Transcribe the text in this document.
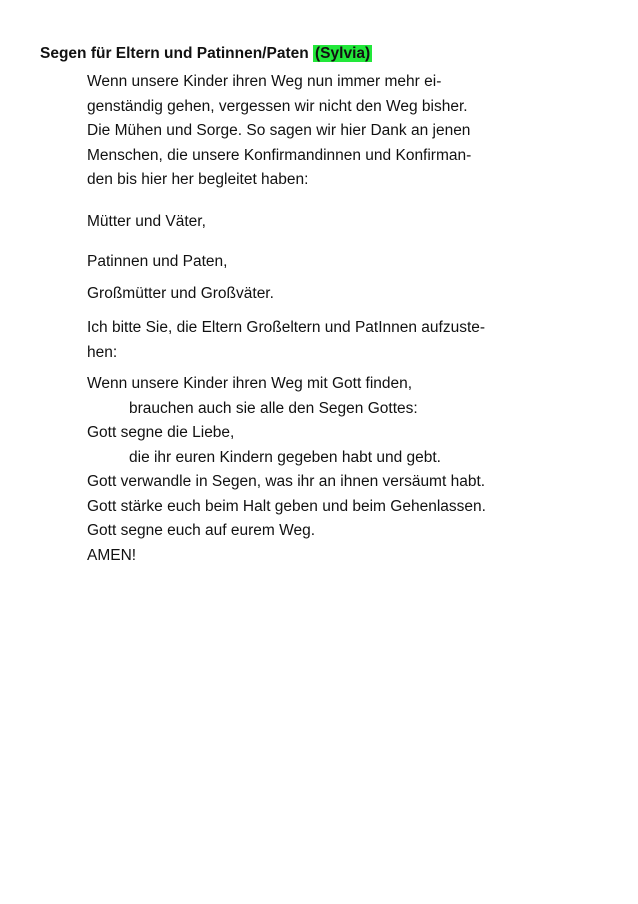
Segen für Eltern und Patinnen/Paten (Sylvia)
Wenn unsere Kinder ihren Weg nun immer mehr ei-
genständig gehen, vergessen wir nicht den Weg bisher.
Die Mühen und Sorge. So sagen wir hier Dank an jenen
Menschen, die unsere Konfirmandinnen und Konfirman-
den bis hier her begleitet haben:
Mütter und Väter,
Patinnen und Paten,
Großmütter und Großväter.
Ich bitte Sie, die Eltern Großeltern und PatInnen aufzuste-
hen:
Wenn unsere Kinder ihren Weg mit Gott finden,
brauchen auch sie alle den Segen Gottes:
Gott segne die Liebe,
die ihr euren Kindern gegeben habt und gebt.
Gott verwandle in Segen, was ihr an ihnen versäumt habt.
Gott stärke euch beim Halt geben und beim Gehenlassen.
Gott segne euch auf eurem Weg.
AMEN!
